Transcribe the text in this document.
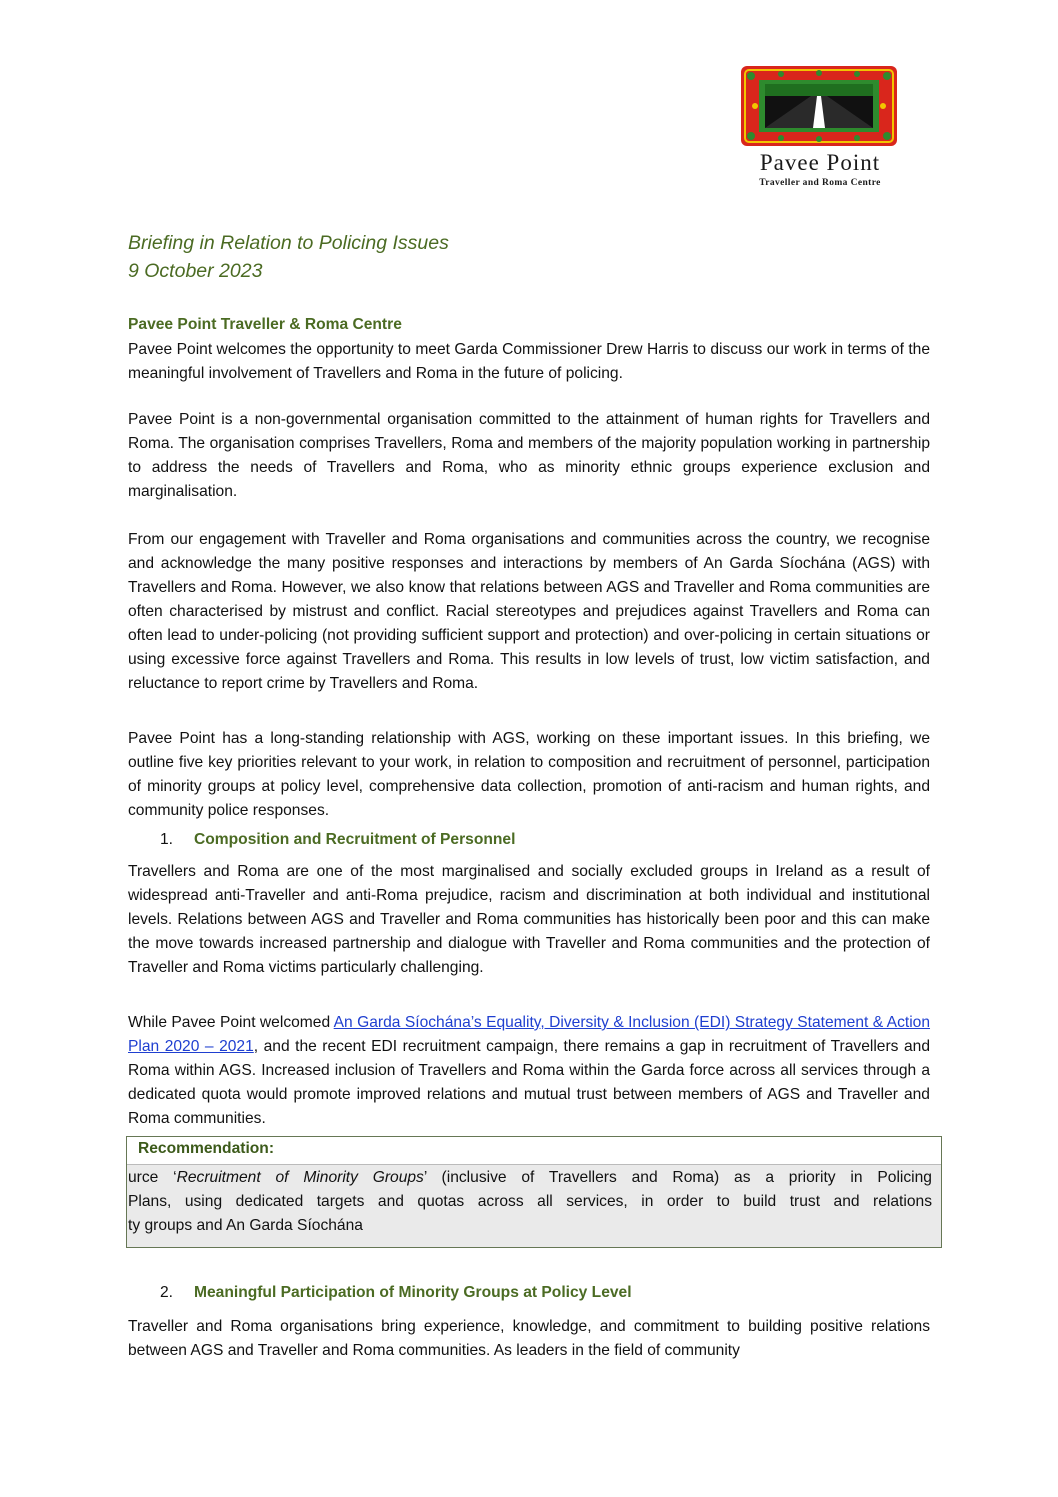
Pavee Point
Traveller and Roma Centre
Briefing in Relation to Policing Issues
9 October 2023
Pavee Point Traveller & Roma Centre

Pavee Point welcomes the opportunity to meet Garda Commissioner Drew Harris to discuss our work in terms of the meaningful involvement of Travellers and Roma in the future of policing.

Pavee Point is a non-governmental organisation committed to the attainment of human rights for Travellers and Roma. The organisation comprises Travellers, Roma and members of the majority population working in partnership to address the needs of Travellers and Roma, who as minority ethnic groups experience exclusion and marginalisation.

From our engagement with Traveller and Roma organisations and communities across the country, we recognise and acknowledge the many positive responses and interactions by members of An Garda Síochána (AGS) with Travellers and Roma. However, we also know that relations between AGS and Traveller and Roma communities are often characterised by mistrust and conflict. Racial stereotypes and prejudices against Travellers and Roma can often lead to under-policing (not providing sufficient support and protection) and over-policing in certain situations or using excessive force against Travellers and Roma. This results in low levels of trust, low victim satisfaction, and reluctance to report crime by Travellers and Roma.

Pavee Point has a long-standing relationship with AGS, working on these important issues. In this briefing, we outline five key priorities relevant to your work, in relation to composition and recruitment of personnel, participation of minority groups at policy level, comprehensive data collection, promotion of anti-racism and human rights, and community police responses.

1. Composition and Recruitment of Personnel

Travellers and Roma are one of the most marginalised and socially excluded groups in Ireland as a result of widespread anti-Traveller and anti-Roma prejudice, racism and discrimination at both individual and institutional levels. Relations between AGS and Traveller and Roma communities has historically been poor and this can make the move towards increased partnership and dialogue with Traveller and Roma communities and the protection of Traveller and Roma victims particularly challenging.

While Pavee Point welcomed An Garda Síochána’s Equality, Diversity & Inclusion (EDI) Strategy Statement & Action Plan 2020 – 2021, and the recent EDI recruitment campaign, there remains a gap in recruitment of Travellers and Roma within AGS. Increased inclusion of Travellers and Roma within the Garda force across all services through a dedicated quota would promote improved relations and mutual trust between members of AGS and Traveller and Roma communities.

Recommendation:
urce ‘Recruitment of Minority Groups’ (inclusive of Travellers and Roma) as a priority in Policing
Plans, using dedicated targets and quotas across all services, in order to build trust and relations
ty groups and An Garda Síochána
2. Meaningful Participation of Minority Groups at Policy Level

Traveller and Roma organisations bring experience, knowledge, and commitment to building positive relations between AGS and Traveller and Roma communities. As leaders in the field of community
